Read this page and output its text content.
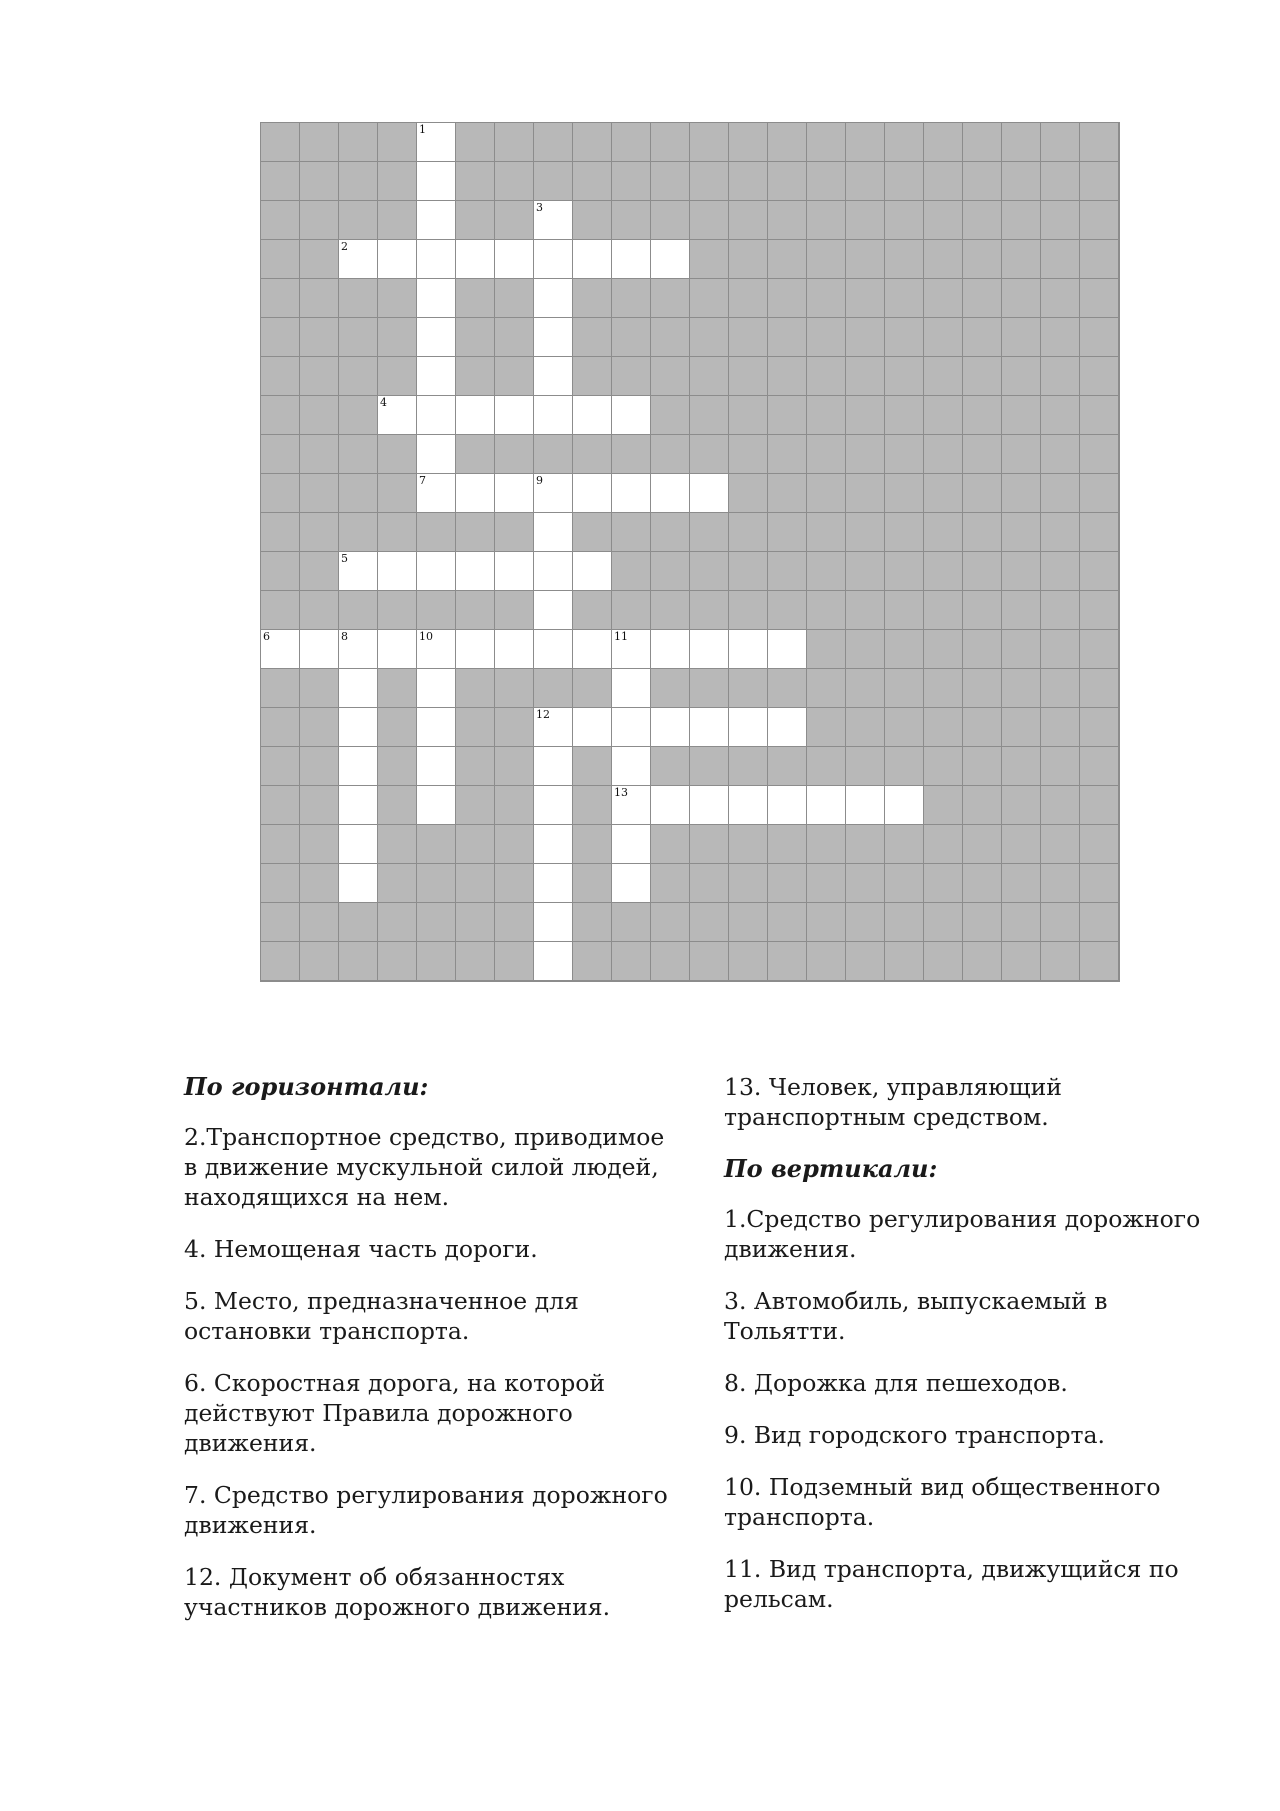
1
3
2
4
7	9
5
6	8	10	11
12
13
По горизонтали:

2.Транспортное средство, приводимое в движение мускульной силой людей, находящихся на нем.

4. Немощеная часть дороги.

5. Место, предназначенное для остановки транспорта.

6. Скоростная дорога, на которой действуют Правила дорожного движения.

7. Средство регулирования дорожного движения.

12. Документ об обязанностях участников дорожного движения.

13. Человек, управляющий транспортным средством.

По вертикали:

1.Средство регулирования дорожного движения.

3. Автомобиль, выпускаемый в Тольятти.

8. Дорожка для пешеходов.

9. Вид городского транспорта.

10. Подземный вид общественного транспорта.

11. Вид транспорта, движущийся по рельсам.
